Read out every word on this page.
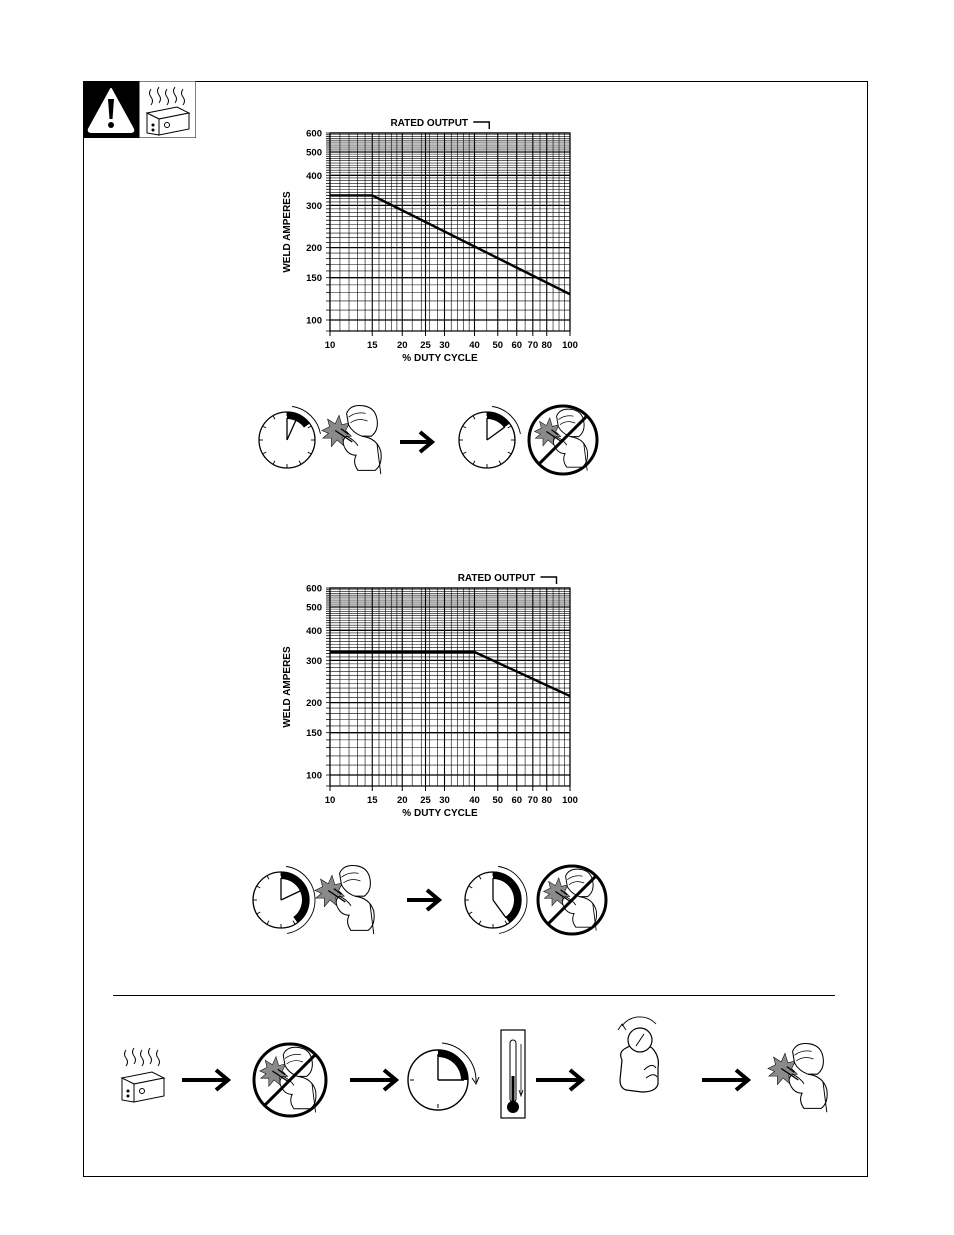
10	15 20 25 30 40 50 60 70 80 100
100
150
200
300
400
500
600
RATED OUTPUT
WELD AMPERES
% DUTY CYCLE
10	15 20 25 30 40 50 60 70 80 100
100
150
200
300
400
500
600
RATED OUTPUT
WELD AMPERES
% DUTY CYCLE
